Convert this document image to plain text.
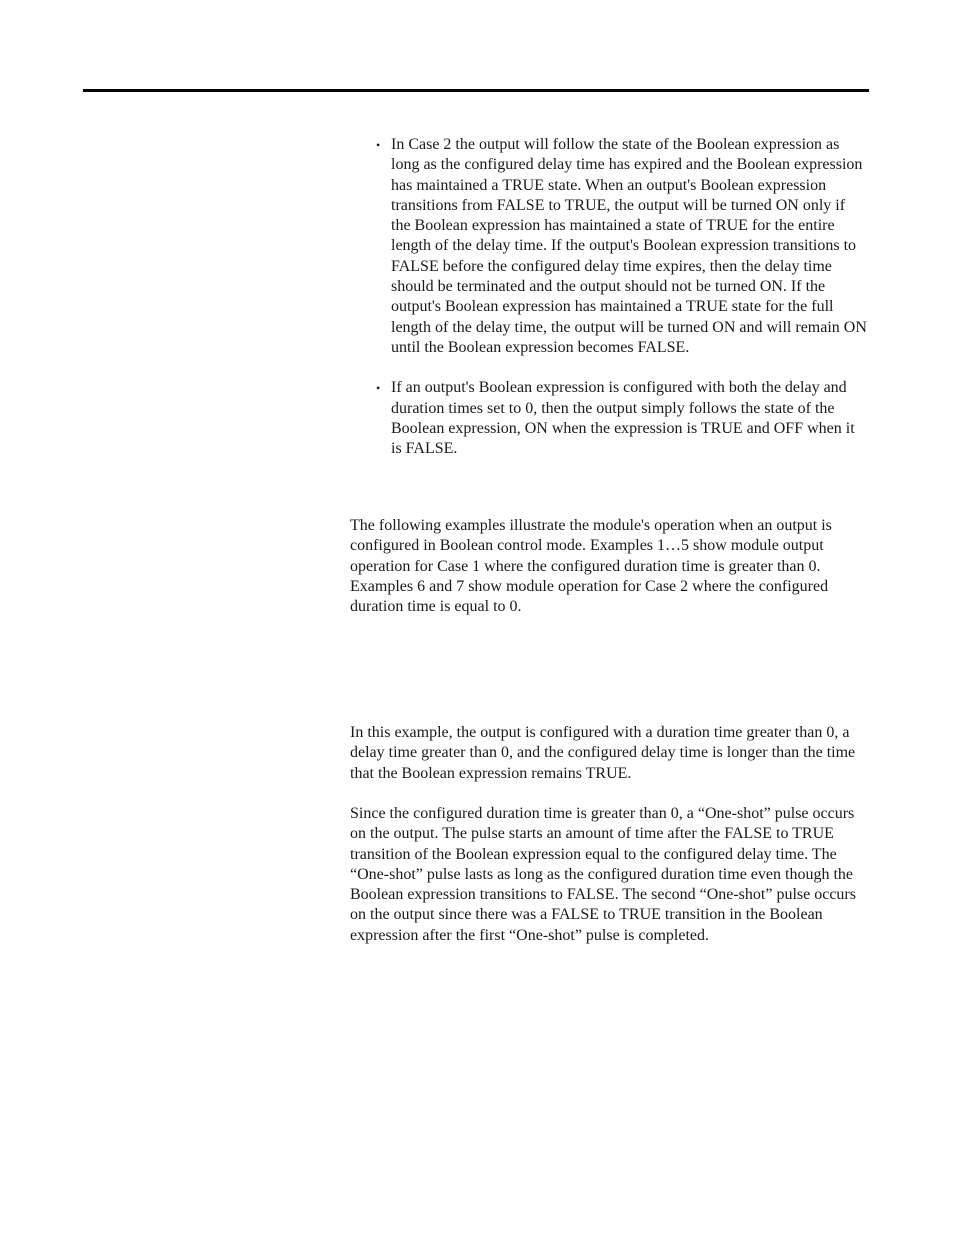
• In Case 2 the output will follow the state of the Boolean expression as long as the configured delay time has expired and the Boolean expression has maintained a TRUE state. When an output's Boolean expression transitions from FALSE to TRUE, the output will be turned ON only if the Boolean expression has maintained a state of TRUE for the entire length of the delay time. If the output's Boolean expression transitions to FALSE before the configured delay time expires, then the delay time should be terminated and the output should not be turned ON. If the output's Boolean expression has maintained a TRUE state for the full length of the delay time, the output will be turned ON and will remain ON until the Boolean expression becomes FALSE.
• If an output's Boolean expression is configured with both the delay and duration times set to 0, then the output simply follows the state of the Boolean expression, ON when the expression is TRUE and OFF when it is FALSE.

The following examples illustrate the module's operation when an output is configured in Boolean control mode. Examples 1…5 show module output operation for Case 1 where the configured duration time is greater than 0. Examples 6 and 7 show module operation for Case 2 where the configured duration time is equal to 0.

In this example, the output is configured with a duration time greater than 0, a delay time greater than 0, and the configured delay time is longer than the time that the Boolean expression remains TRUE.

Since the configured duration time is greater than 0, a “One-shot” pulse occurs on the output. The pulse starts an amount of time after the FALSE to TRUE transition of the Boolean expression equal to the configured delay time. The “One-shot” pulse lasts as long as the configured duration time even though the Boolean expression transitions to FALSE. The second “One-shot” pulse occurs on the output since there was a FALSE to TRUE transition in the Boolean expression after the first “One-shot” pulse is completed.
